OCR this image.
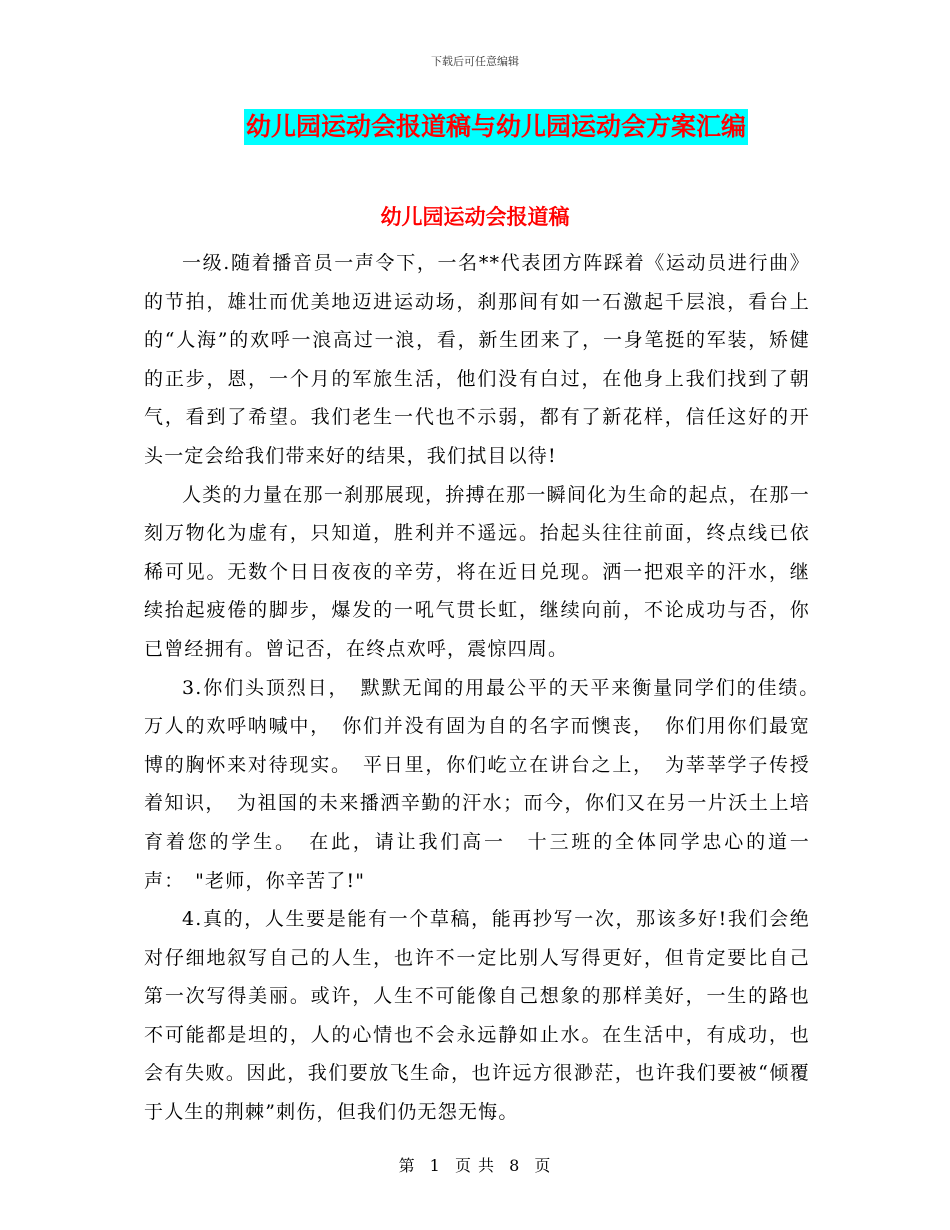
下载后可任意编辑
幼儿园运动会报道稿与幼儿园运动会方案汇编
幼儿园运动会报道稿

一级.随着播音员一声令下，一名**代表团方阵踩着《运动员进行曲》的节拍，雄壮而优美地迈进运动场，刹那间有如一石激起千层浪，看台上的“人海”的欢呼一浪高过一浪，看，新生团来了，一身笔挺的军装，矫健的正步，恩，一个月的军旅生活，他们没有白过，在他身上我们找到了朝气，看到了希望。我们老生一代也不示弱，都有了新花样，信任这好的开头一定会给我们带来好的结果，我们拭目以待!

人类的力量在那一刹那展现，拚搏在那一瞬间化为生命的起点，在那一刻万物化为虚有，只知道，胜利并不遥远。抬起头往往前面，终点线已依稀可见。无数个日日夜夜的辛劳，将在近日兑现。洒一把艰辛的汗水，继续抬起疲倦的脚步，爆发的一吼气贯长虹，继续向前，不论成功与否，你已曾经拥有。曾记否，在终点欢呼，震惊四周。

3.你们头顶烈日，　默默无闻的用最公平的天平来衡量同学们的佳绩。　万人的欢呼呐喊中，　你们并没有固为自的名字而懊丧，　你们用你们最宽博的胸怀来对待现实。　平日里，你们屹立在讲台之上，　为莘莘学子传授着知识，　为祖国的未来播洒辛勤的汗水；而今，你们又在另一片沃土上培育着您的学生。　在此，请让我们高一　十三班的全体同学忠心的道一声：　"老师，你辛苦了!"

4.真的，人生要是能有一个草稿，能再抄写一次，那该多好!我们会绝对仔细地叙写自己的人生，也许不一定比别人写得更好，但肯定要比自己第一次写得美丽。或许，人生不可能像自己想象的那样美好，一生的路也不可能都是坦的，人的心情也不会永远静如止水。在生活中，有成功，也会有失败。因此，我们要放飞生命，也许远方很渺茫，也许我们要被“倾覆于人生的荆棘”刺伤，但我们仍无怨无悔。

第 1 页 共 8 页
